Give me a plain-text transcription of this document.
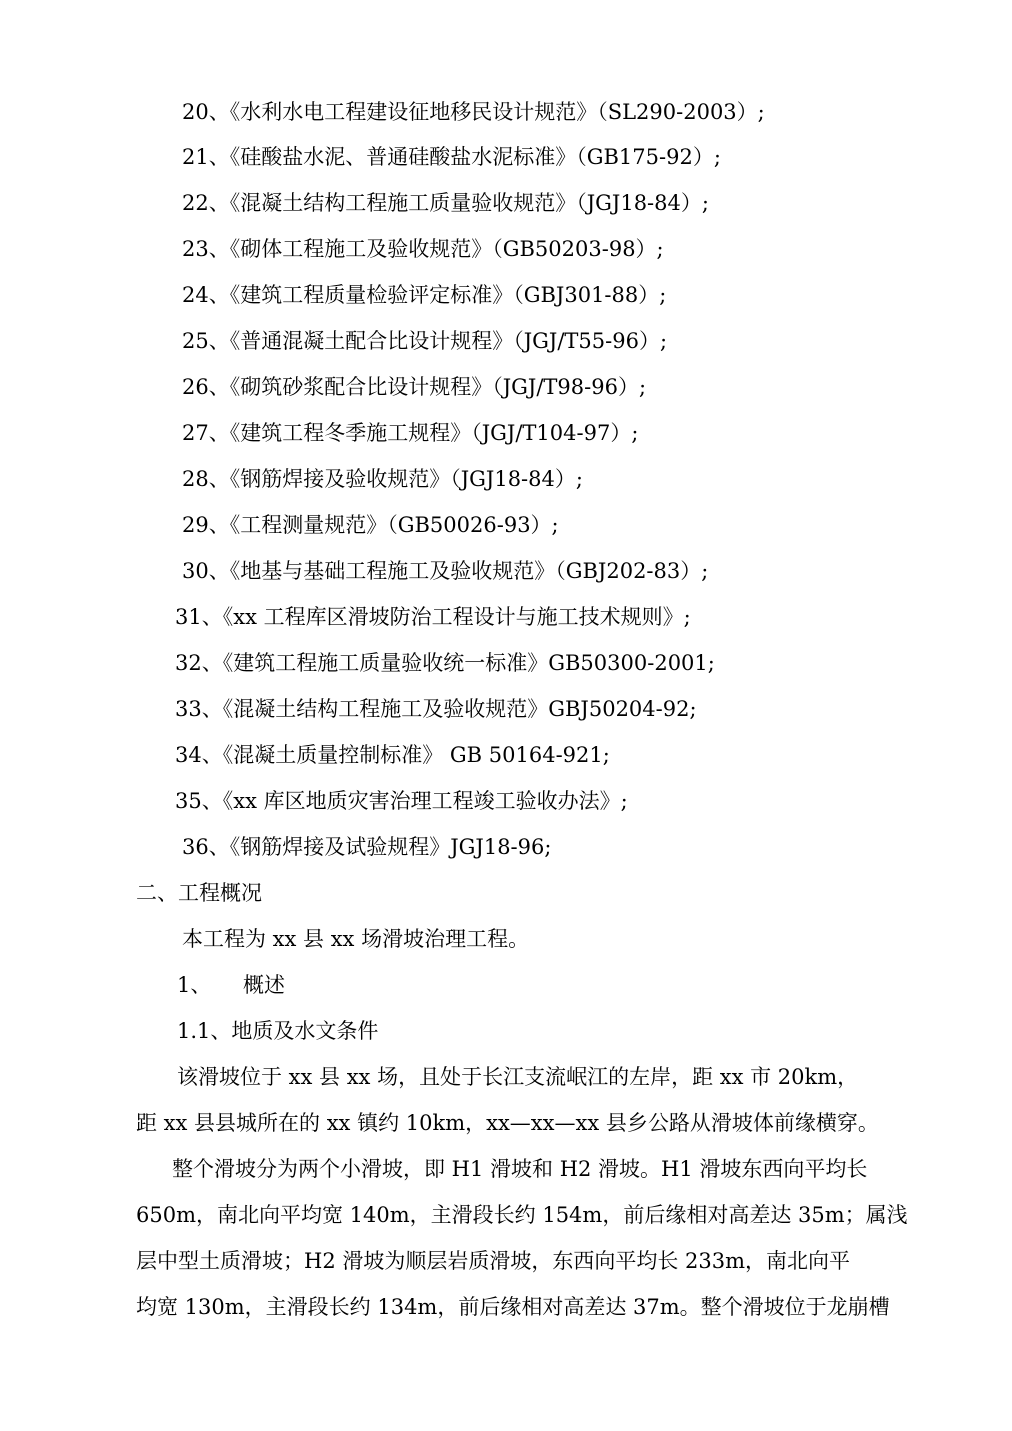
20、《水利水电工程建设征地移民设计规范》（SL290-2003）;
21、《硅酸盐水泥、普通硅酸盐水泥标准》（GB175-92）;
22、《混凝土结构工程施工质量验收规范》（JGJ18-84）;
23、《砌体工程施工及验收规范》（GB50203-98）;
24、《建筑工程质量检验评定标准》（GBJ301-88）;
25、《普通混凝土配合比设计规程》（JGJ/T55-96）;
26、《砌筑砂浆配合比设计规程》（JGJ/T98-96）;
27、《建筑工程冬季施工规程》（JGJ/T104-97）;
28、《钢筋焊接及验收规范》（JGJ18-84）;
29、《工程测量规范》（GB50026-93）;
30、《地基与基础工程施工及验收规范》（GBJ202-83）;
31、《xx 工程库区滑坡防治工程设计与施工技术规则》;
32、《建筑工程施工质量验收统一标准》GB50300-2001;
33、《混凝土结构工程施工及验收规范》GBJ50204-92;
34、《混凝土质量控制标准》 GB 50164-921;
35、《xx 库区地质灾害治理工程竣工验收办法》;
36、《钢筋焊接及试验规程》JGJ18-96;
二、工程概况
本工程为 xx 县 xx 场滑坡治理工程。
1、 概述
1.1、地质及水文条件
该滑坡位于 xx 县 xx 场，且处于长江支流岷江的左岸，距 xx 市 20km，
距 xx 县县城所在的 xx 镇约 10km，xx—xx—xx 县乡公路从滑坡体前缘横穿。
整个滑坡分为两个小滑坡，即 H1 滑坡和 H2 滑坡。H1 滑坡东西向平均长
650m，南北向平均宽 140m，主滑段长约 154m，前后缘相对高差达 35m；属浅
层中型土质滑坡；H2 滑坡为顺层岩质滑坡，东西向平均长 233m，南北向平
均宽 130m，主滑段长约 134m，前后缘相对高差达 37m。整个滑坡位于龙崩槽
